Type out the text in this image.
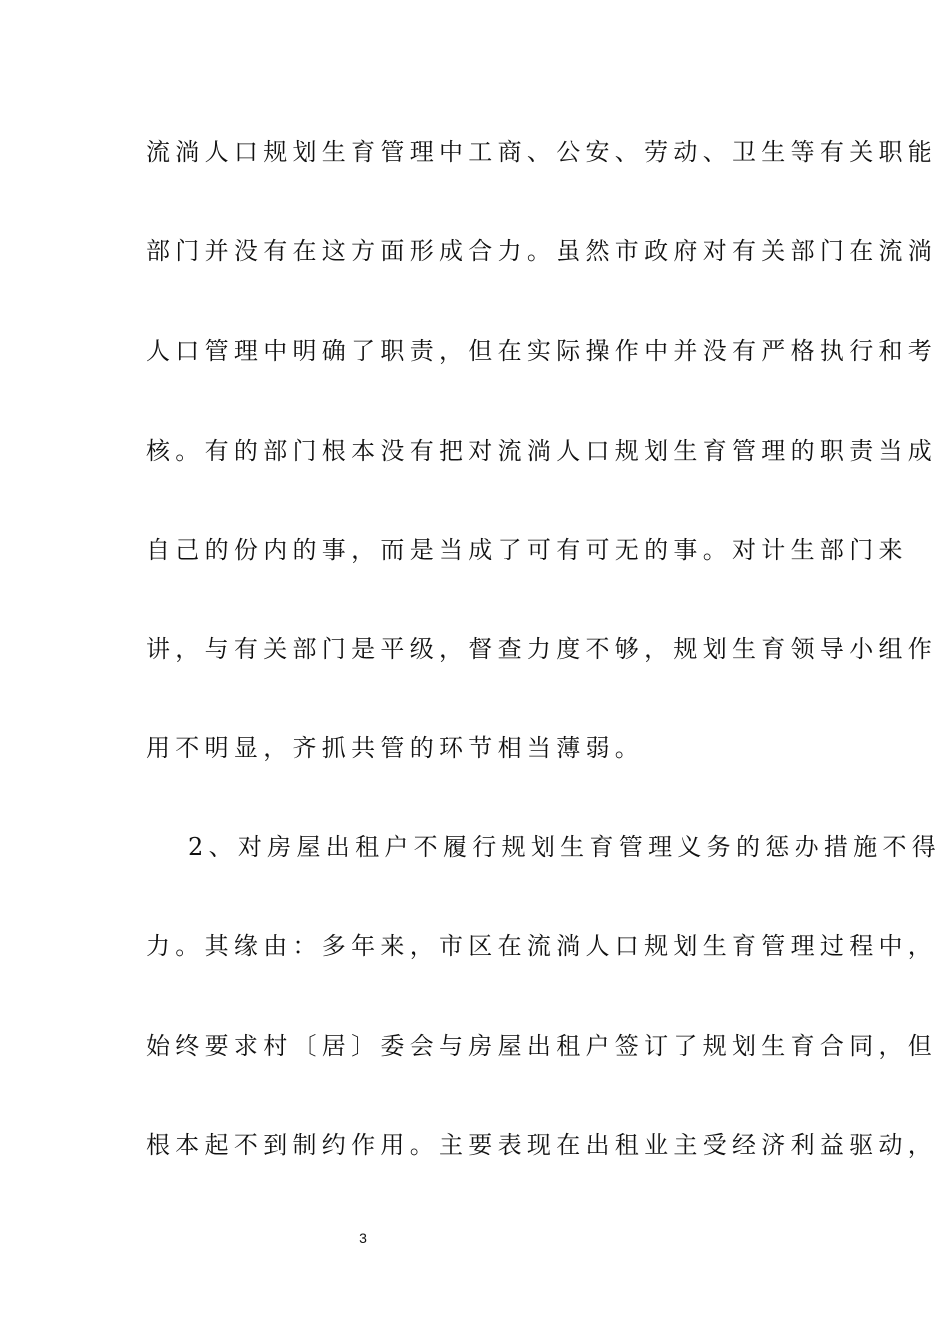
流淌人口规划生育管理中工商、公安、劳动、卫生等有关职能
部门并没有在这方面形成合力。虽然市政府对有关部门在流淌
人口管理中明确了职责，但在实际操作中并没有严格执行和考
核。有的部门根本没有把对流淌人口规划生育管理的职责当成
自己的份内的事，而是当成了可有可无的事。对计生部门来
讲，与有关部门是平级，督查力度不够，规划生育领导小组作
用不明显，齐抓共管的环节相当薄弱。
2、对房屋出租户不履行规划生育管理义务的惩办措施不得
力。其缘由：多年来，市区在流淌人口规划生育管理过程中，
始终要求村〔居〕委会与房屋出租户签订了规划生育合同，但
根本起不到制约作用。主要表现在出租业主受经济利益驱动，
3
